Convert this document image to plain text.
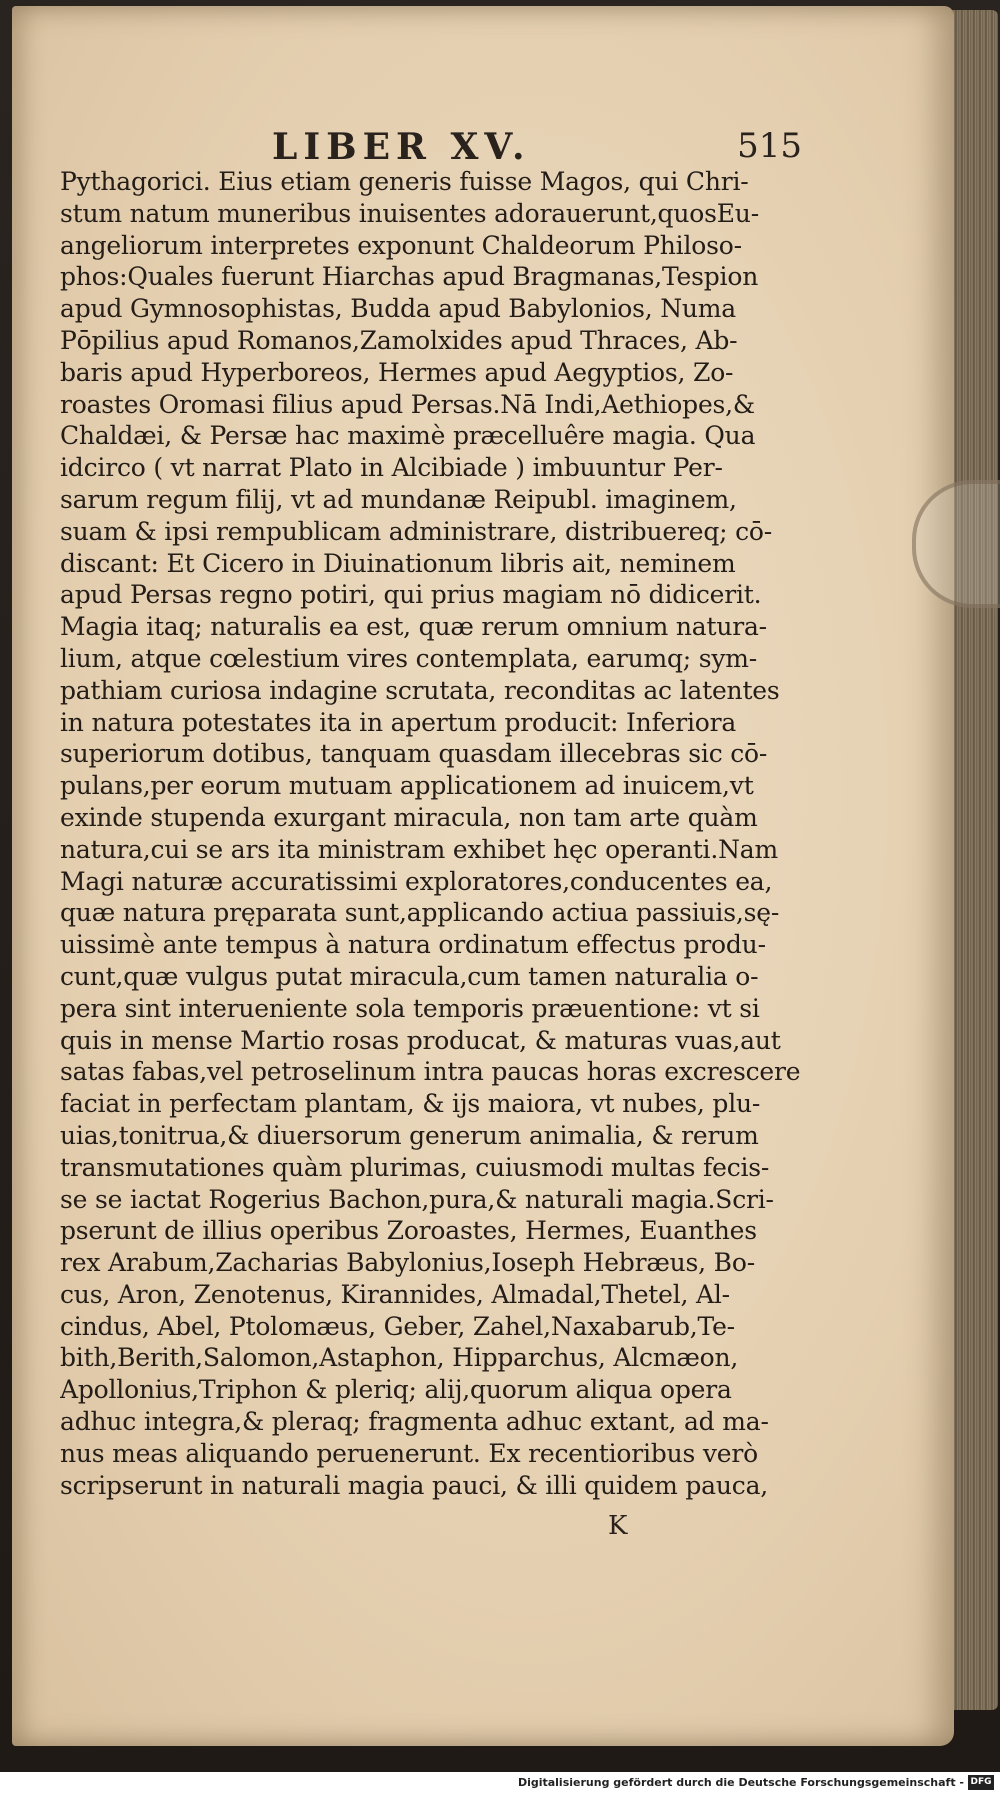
LIBER XV.	515
Pythagorici. Eius etiam generis fuisse Magos, qui Chri-
stum natum muneribus inuisentes adorauerunt,quosEu-
angeliorum interpretes exponunt Chaldeorum Philoso-
phos:Quales fuerunt Hiarchas apud Bragmanas,Tespion
apud Gymnosophistas, Budda apud Babylonios, Numa
Pōpilius apud Romanos,Zamolxides apud Thraces, Ab-
baris apud Hyperboreos, Hermes apud Aegyptios, Zo-
roastes Oromasi filius apud Persas.Nā Indi,Aethiopes,&
Chaldæi, & Persæ hac maximè præcelluêre magia. Qua
idcirco ( vt narrat Plato in Alcibiade ) imbuuntur Per-
sarum regum filij, vt ad mundanæ Reipubl. imaginem,
suam & ipsi rempublicam administrare, distribuereq; cō-
discant: Et Cicero in Diuinationum libris ait, neminem
apud Persas regno potiri, qui prius magiam nō didicerit.
Magia itaq; naturalis ea est, quæ rerum omnium natura-
lium, atque cœlestium vires contemplata, earumq; sym-
pathiam curiosa indagine scrutata, reconditas ac latentes
in natura potestates ita in apertum producit: Inferiora
superiorum dotibus, tanquam quasdam illecebras sic cō-
pulans,per eorum mutuam applicationem ad inuicem,vt
exinde stupenda exurgant miracula, non tam arte quàm
natura,cui se ars ita ministram exhibet hęc operanti.Nam
Magi naturæ accuratissimi exploratores,conducentes ea,
quæ natura pręparata sunt,applicando actiua passiuis,sę-
uissimè ante tempus à natura ordinatum effectus produ-
cunt,quæ vulgus putat miracula,cum tamen naturalia o-
pera sint interueniente sola temporis præuentione: vt si
quis in mense Martio rosas producat, & maturas vuas,aut
satas fabas,vel petroselinum intra paucas horas excrescere
faciat in perfectam plantam, & ijs maiora, vt nubes, plu-
uias,tonitrua,& diuersorum generum animalia, & rerum
transmutationes quàm plurimas, cuiusmodi multas fecis-
se se iactat Rogerius Bachon,pura,& naturali magia.Scri-
pserunt de illius operibus Zoroastes, Hermes, Euanthes
rex Arabum,Zacharias Babylonius,Ioseph Hebræus, Bo-
cus, Aron, Zenotenus, Kirannides, Almadal,Thetel, Al-
cindus, Abel, Ptolomæus, Geber, Zahel,Naxabarub,Te-
bith,Berith,Salomon,Astaphon, Hipparchus, Alcmæon,
Apollonius,Triphon & pleriq; alij,quorum aliqua opera
adhuc integra,& pleraq; fragmenta adhuc extant, ad ma-
nus meas aliquando peruenerunt. Ex recentioribus verò
scripserunt in naturali magia pauci, & illi quidem pauca,
K
Digitalisierung gefördert durch die Deutsche Forschungsgemeinschaft - DFG
